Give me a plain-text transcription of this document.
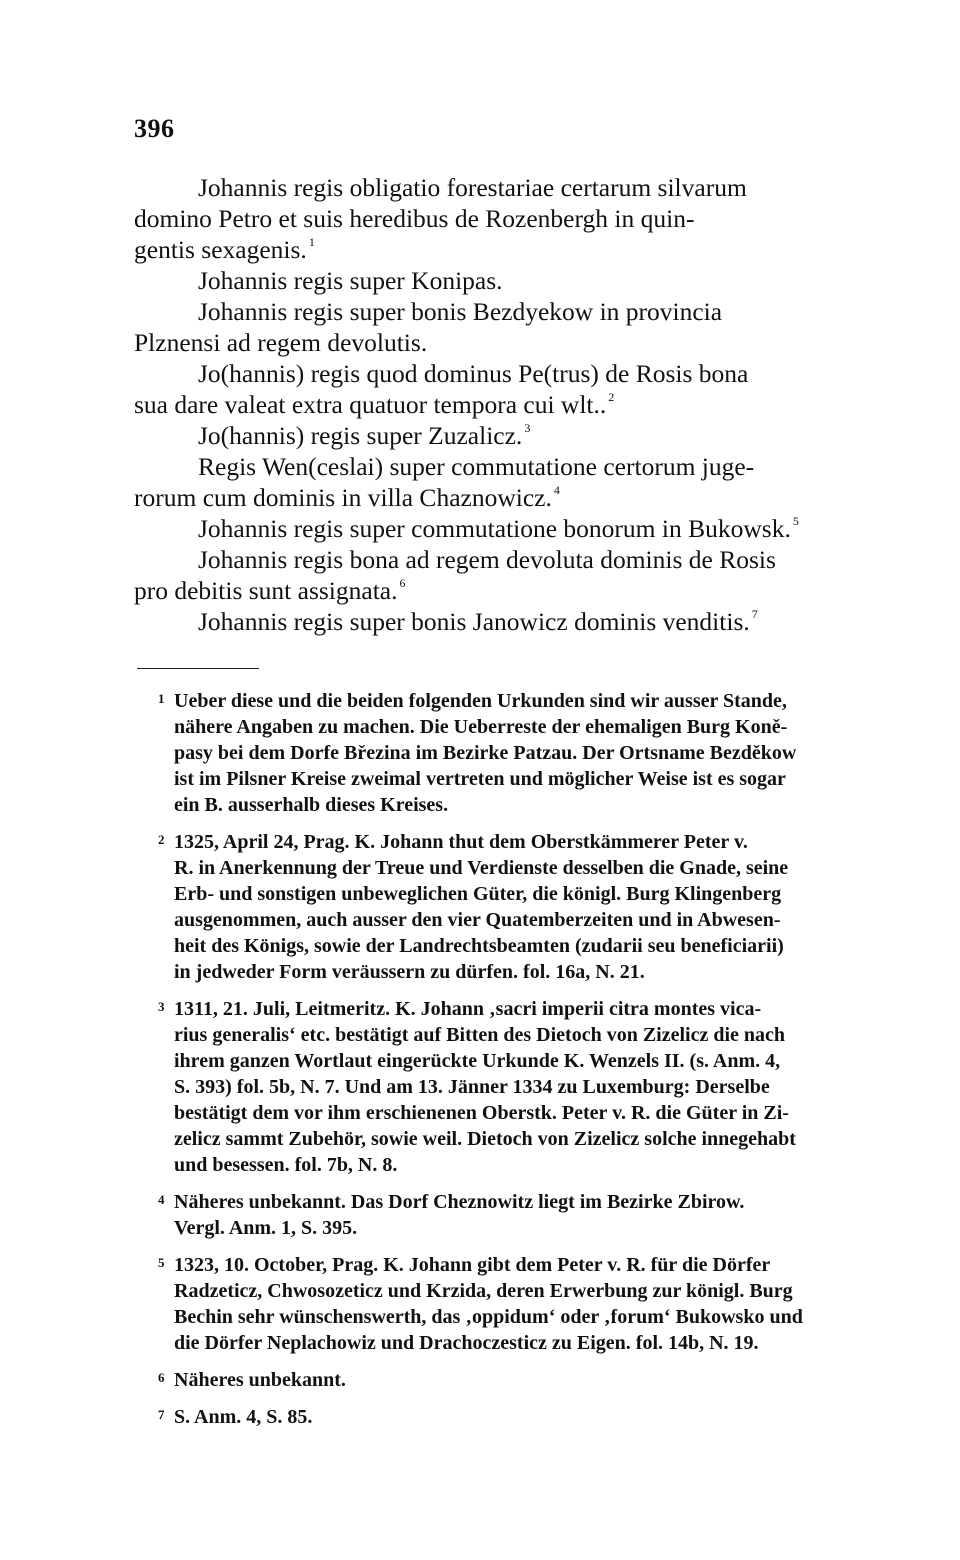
396

Johannis regis obligatio forestariae certarum silvarum
domino Petro et suis heredibus de Rozenbergh in quin-
gentis sexagenis. $^1$

Johannis regis super Konipas.

Johannis regis super bonis Bezdyekow in provincia
Plznensi ad regem devolutis.

Jo(hannis) regis quod dominus Pe(trus) de Rosis bona
sua dare valeat extra quatuor tempora cui wlt.. $^2$

Jo(hannis) regis super Zuzalicz. $^3$

Regis Wen(ceslai) super commutatione certorum juge-
rorum cum dominis in villa Chaznowicz. $^4$

Johannis regis super commutatione bonorum in Bukowsk. $^5$

Johannis regis bona ad regem devoluta dominis de Rosis
pro debitis sunt assignata. $^6$

Johannis regis super bonis Janowicz dominis venditis. $^7$

1 Ueber diese und die beiden folgenden Urkunden sind wir ausser Stande,
nähere Angaben zu machen. Die Ueberreste der ehemaligen Burg Koně-
pasy bei dem Dorfe Březina im Bezirke Patzau. Der Ortsname Bezděkow
ist im Pilsner Kreise zweimal vertreten und möglicher Weise ist es sogar
ein B. ausserhalb dieses Kreises.
2 1325, April 24, Prag. K. Johann thut dem Oberstkämmerer Peter v.
R. in Anerkennung der Treue und Verdienste desselben die Gnade, seine
Erb- und sonstigen unbeweglichen Güter, die königl. Burg Klingenberg
ausgenommen, auch ausser den vier Quatemberzeiten und in Abwesen-
heit des Königs, sowie der Landrechtsbeamten (zudarii seu beneficiarii)
in jedweder Form veräussern zu dürfen. fol. 16a, N. 21.
3 1311, 21. Juli, Leitmeritz. K. Johann ‚sacri imperii citra montes vica-
rius generalis‘ etc. bestätigt auf Bitten des Dietoch von Zizelicz die nach
ihrem ganzen Wortlaut eingerückte Urkunde K. Wenzels II. (s. Anm. 4,
S. 393) fol. 5b, N. 7. Und am 13. Jänner 1334 zu Luxemburg: Derselbe
bestätigt dem vor ihm erschienenen Oberstk. Peter v. R. die Güter in Zi-
zelicz sammt Zubehör, sowie weil. Dietoch von Zizelicz solche innegehabt
und besessen. fol. 7b, N. 8.
4 Näheres unbekannt. Das Dorf Cheznowitz liegt im Bezirke Zbirow.
Vergl. Anm. 1, S. 395.
5 1323, 10. October, Prag. K. Johann gibt dem Peter v. R. für die Dörfer
Radzeticz, Chwosozeticz und Krzida, deren Erwerbung zur königl. Burg
Bechin sehr wünschenswerth, das ‚oppidum‘ oder ‚forum‘ Bukowsko und
die Dörfer Neplachowiz und Drachoczesticz zu Eigen. fol. 14b, N. 19.
6 Näheres unbekannt.
7 S. Anm. 4, S. 85.
